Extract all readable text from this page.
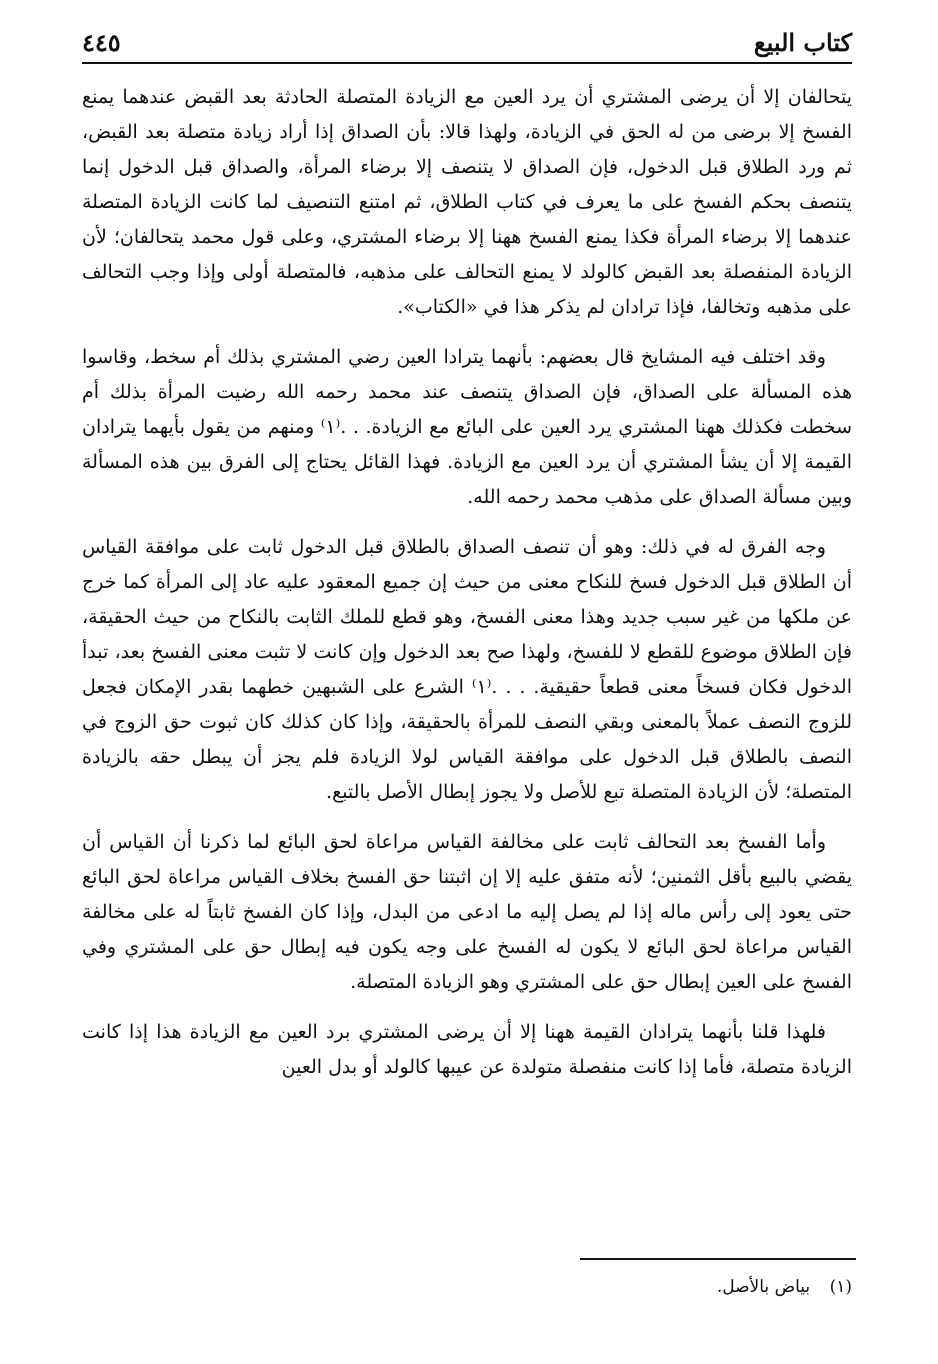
كتاب البيع
٤٤٥

يتحالفان إلا أن يرضى المشتري أن يرد العين مع الزيادة المتصلة الحادثة بعد القبض عندهما يمنع الفسخ إلا برضى من له الحق في الزيادة، ولهذا قالا: بأن الصداق إذا أراد زيادة متصلة بعد القبض، ثم ورد الطلاق قبل الدخول، فإن الصداق لا يتنصف إلا برضاء المرأة، والصداق قبل الدخول إنما يتنصف بحكم الفسخ على ما يعرف في كتاب الطلاق، ثم امتنع التنصيف لما كانت الزيادة المتصلة عندهما إلا برضاء المرأة فكذا يمنع الفسخ ههنا إلا برضاء المشتري، وعلى قول محمد يتحالفان؛ لأن الزيادة المنفصلة بعد القبض كالولد لا يمنع التحالف على مذهبه، فالمتصلة أولى وإذا وجب التحالف على مذهبه وتخالفا، فإذا ترادان لم يذكر هذا في «الكتاب».

وقد اختلف فيه المشايخ قال بعضهم: بأنهما يترادا العين رضي المشتري بذلك أم سخط، وقاسوا هذه المسألة على الصداق، فإن الصداق يتنصف عند محمد رحمه الله رضيت المرأة بذلك أم سخطت فكذلك ههنا المشتري يرد العين على البائع مع الزيادة. . .⁽١⁾ ومنهم من يقول بأيهما يترادان القيمة إلا أن يشأ المشتري أن يرد العين مع الزيادة. فهذا القائل يحتاج إلى الفرق بين هذه المسألة وبين مسألة الصداق على مذهب محمد رحمه الله.

وجه الفرق له في ذلك: وهو أن تنصف الصداق بالطلاق قبل الدخول ثابت على موافقة القياس أن الطلاق قبل الدخول فسخ للنكاح معنى من حيث إن جميع المعقود عليه عاد إلى المرأة كما خرج عن ملكها من غير سبب جديد وهذا معنى الفسخ، وهو قطع للملك الثابت بالنكاح من حيث الحقيقة، فإن الطلاق موضوع للقطع لا للفسخ، ولهذا صح بعد الدخول وإن كانت لا تثبت معنى الفسخ بعد، تبدأ الدخول فكان فسخاً معنى قطعاً حقيقية. . . .⁽١⁾ الشرع على الشبهين خطهما بقدر الإمكان فجعل للزوج النصف عملاً بالمعنى وبقي النصف للمرأة بالحقيقة، وإذا كان كذلك كان ثبوت حق الزوج في النصف بالطلاق قبل الدخول على موافقة القياس لولا الزيادة فلم يجز أن يبطل حقه بالزيادة المتصلة؛ لأن الزيادة المتصلة تبع للأصل ولا يجوز إبطال الأصل بالتبع.

وأما الفسخ بعد التحالف ثابت على مخالفة القياس مراعاة لحق البائع لما ذكرنا أن القياس أن يقضي بالبيع بأقل الثمنين؛ لأنه متفق عليه إلا إن اثبتنا حق الفسخ بخلاف القياس مراعاة لحق البائع حتى يعود إلى رأس ماله إذا لم يصل إليه ما ادعى من البدل، وإذا كان الفسخ ثابتاً له على مخالفة القياس مراعاة لحق البائع لا يكون له الفسخ على وجه يكون فيه إبطال حق على المشتري وفي الفسخ على العين إبطال حق على المشتري وهو الزيادة المتصلة.

فلهذا قلنا بأنهما يترادان القيمة ههنا إلا أن يرضى المشتري برد العين مع الزيادة هذا إذا كانت الزيادة متصلة، فأما إذا كانت منفصلة متولدة عن عيبها كالولد أو بدل العين

(١) بياض بالأصل.
